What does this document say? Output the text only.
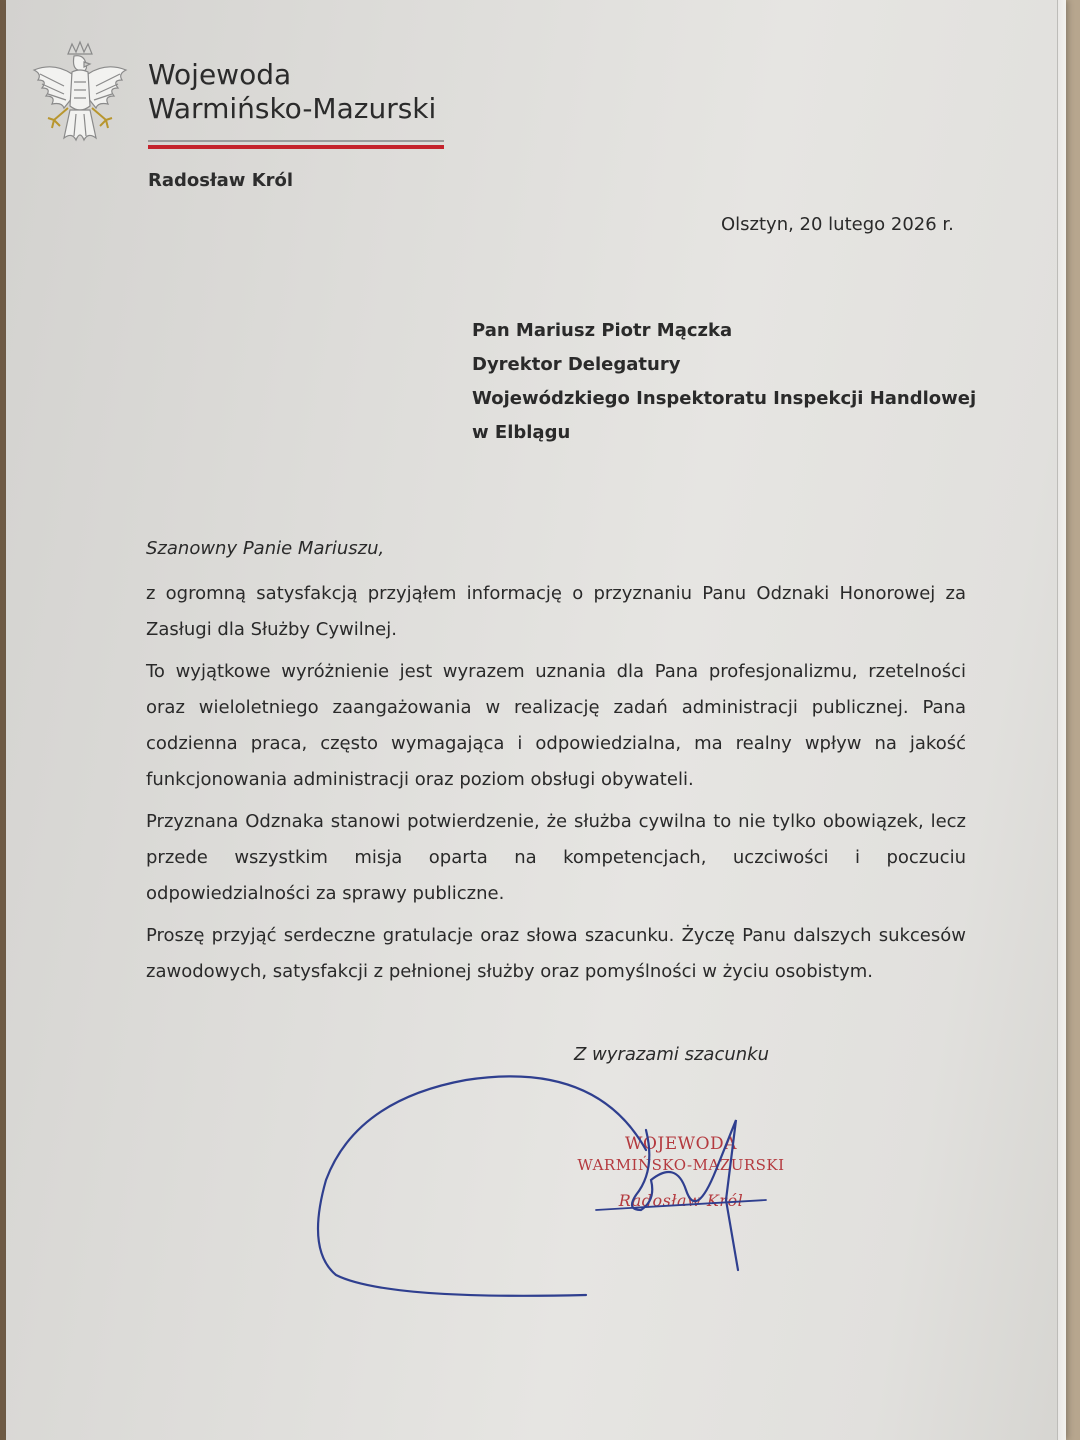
Wojewoda
Warmińsko-Mazurski
Radosław Król
Olsztyn, 20 lutego 2026 r.
Pan Mariusz Piotr Mączka
Dyrektor Delegatury
Wojewódzkiego Inspektoratu Inspekcji Handlowej
w Elblągu
Szanowny Panie Mariuszu,

z ogromną satysfakcją przyjąłem informację o przyznaniu Panu Odznaki Honorowej za Zasługi dla Służby Cywilnej.

To wyjątkowe wyróżnienie jest wyrazem uznania dla Pana profesjonalizmu, rzetelności oraz wieloletniego zaangażowania w realizację zadań administracji publicznej. Pana codzienna praca, często wymagająca i odpowiedzialna, ma realny wpływ na jakość funkcjonowania administracji oraz poziom obsługi obywateli.

Przyznana Odznaka stanowi potwierdzenie, że służba cywilna to nie tylko obowiązek, lecz przede wszystkim misja oparta na kompetencjach, uczciwości i poczuciu odpowiedzialności za sprawy publiczne.

Proszę przyjąć serdeczne gratulacje oraz słowa szacunku. Życzę Panu dalszych sukcesów zawodowych, satysfakcji z pełnionej służby oraz pomyślności w życiu osobistym.

Z wyrazami szacunku
WOJEWODA
WARMIŃSKO-MAZURSKI
Radosław Król
